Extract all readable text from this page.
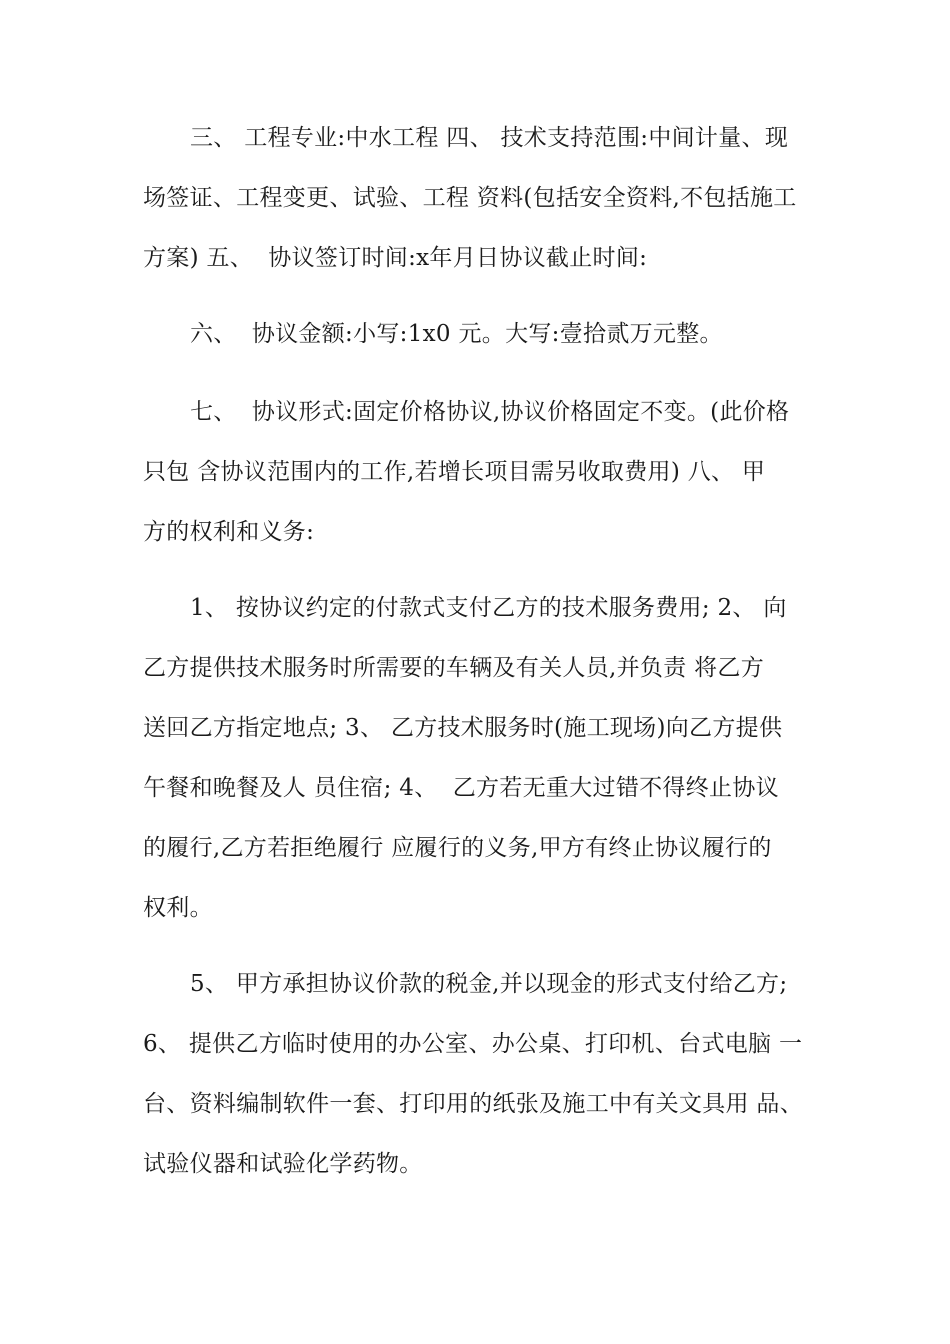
三、 工程专业:中水工程 四、 技术支持范围:中间计量、现
场签证、工程变更、试验、工程 资料(包括安全资料,不包括施工
方案) 五、  协议签订时间:x年月日协议截止时间:
六、  协议金额:小写:1x0 元。大写:壹拾贰万元整。
七、  协议形式:固定价格协议,协议价格固定不变。(此价格
只包 含协议范围内的工作,若增长项目需另收取费用) 八、 甲
方的权利和义务:
1、 按协议约定的付款式支付乙方的技术服务费用; 2、 向
乙方提供技术服务时所需要的车辆及有关人员,并负责 将乙方
送回乙方指定地点; 3、 乙方技术服务时(施工现场)向乙方提供
午餐和晚餐及人 员住宿; 4、  乙方若无重大过错不得终止协议
的履行,乙方若拒绝履行 应履行的义务,甲方有终止协议履行的
权利。
5、 甲方承担协议价款的税金,并以现金的形式支付给乙方;
6、 提供乙方临时使用的办公室、办公桌、打印机、台式电脑 一
台、资料编制软件一套、打印用的纸张及施工中有关文具用 品、
试验仪器和试验化学药物。
